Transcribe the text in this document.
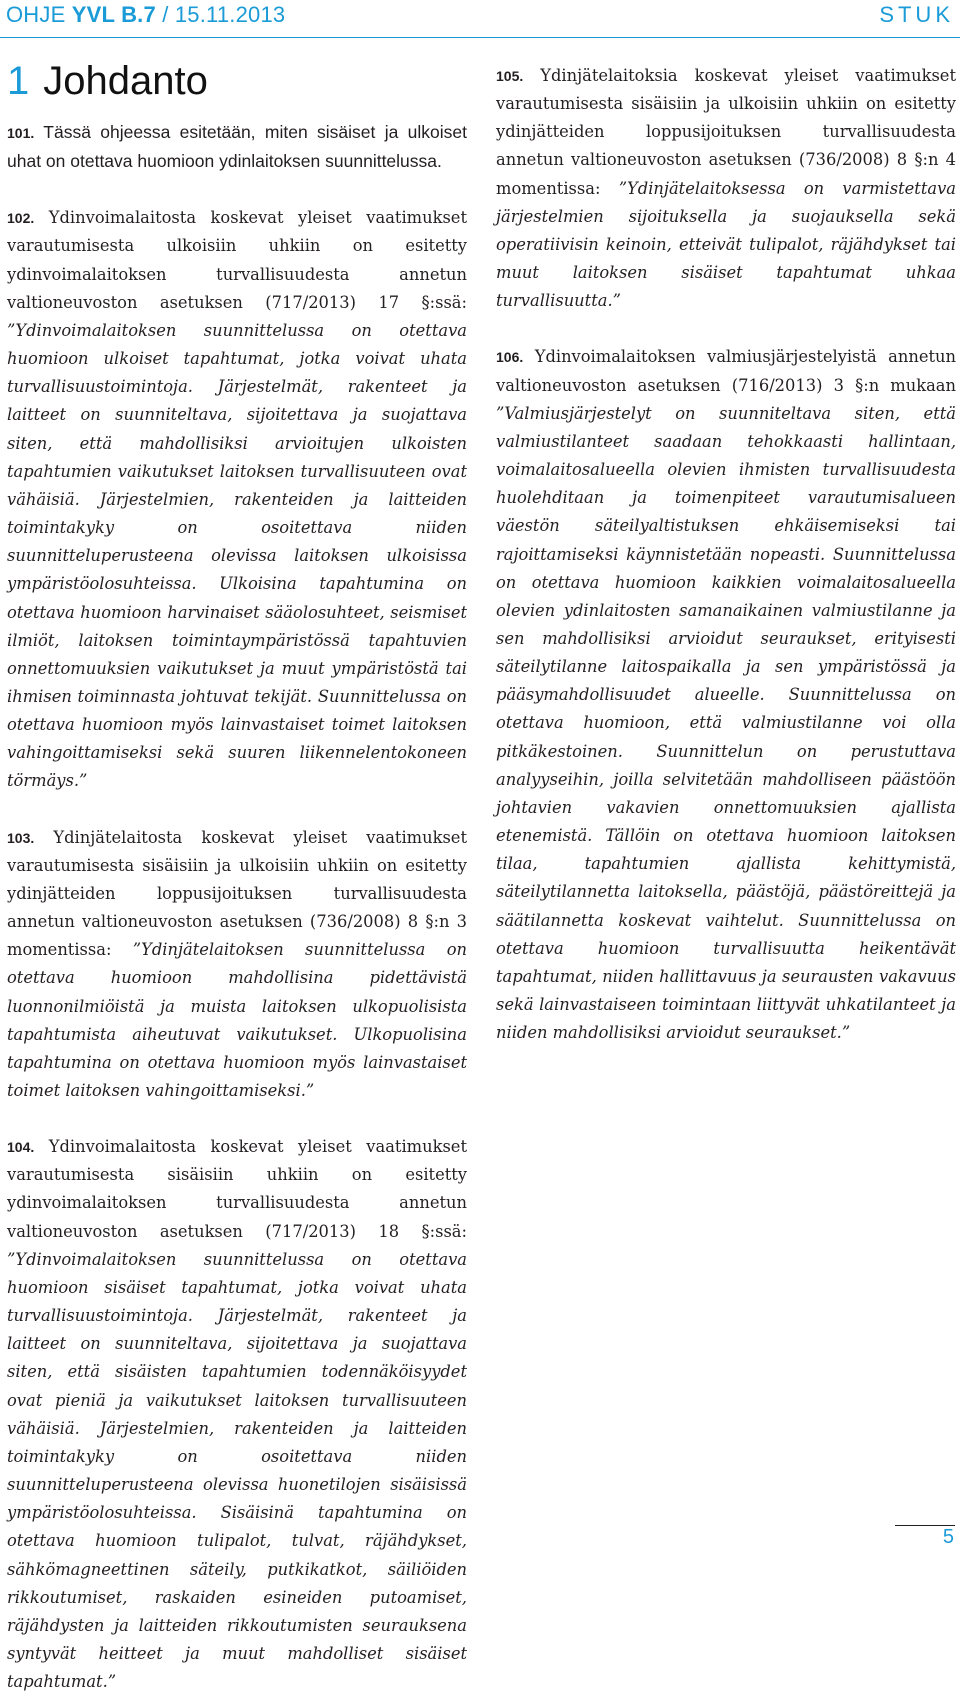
OHJE YVL B.7 / 15.11.2013	STUK
1 Johdanto
101. Tässä ohjeessa esitetään, miten sisäiset ja ulkoiset uhat on otettava huomioon ydinlaitoksen suunnittelussa.
102. Ydinvoimalaitosta koskevat yleiset vaatimukset varautumisesta ulkoisiin uhkiin on esitetty ydinvoimalaitoksen turvallisuudesta annetun valtioneuvoston asetuksen (717/2013) 17 §:ssä: ”Ydinvoimalaitoksen suunnittelussa on otettava huomioon ulkoiset tapahtumat, jotka voivat uhata turvallisuustoimintoja. Järjestelmät, rakenteet ja laitteet on suunniteltava, sijoitettava ja suojattava siten, että mahdollisiksi arvioitujen ulkoisten tapahtumien vaikutukset laitoksen turvallisuuteen ovat vähäisiä. Järjestelmien, rakenteiden ja laitteiden toimintakyky on osoitettava niiden suunnitteluperusteena olevissa laitoksen ulkoisissa ympäristöolosuhteissa. Ulkoisina tapahtumina on otettava huomioon harvinaiset sääolosuhteet, seismiset ilmiöt, laitoksen toimintaympäristössä tapahtuvien onnettomuuksien vaikutukset ja muut ympäristöstä tai ihmisen toiminnasta johtuvat tekijät. Suunnittelussa on otettava huomioon myös lainvastaiset toimet laitoksen vahingoittamiseksi sekä suuren liikennelentokoneen törmäys.”
103. Ydinjätelaitosta koskevat yleiset vaatimukset varautumisesta sisäisiin ja ulkoisiin uhkiin on esitetty ydinjätteiden loppusijoituksen turvallisuudesta annetun valtioneuvoston asetuksen (736/2008) 8 §:n 3 momentissa: ”Ydinjätelaitoksen suunnittelussa on otettava huomioon mahdollisina pidettävistä luonnonilmiöistä ja muista laitoksen ulkopuolisista tapahtumista aiheutuvat vaikutukset. Ulkopuolisina tapahtumina on otettava huomioon myös lainvastaiset toimet laitoksen vahingoittamiseksi.”
104. Ydinvoimalaitosta koskevat yleiset vaatimukset varautumisesta sisäisiin uhkiin on esitetty ydinvoimalaitoksen turvallisuudesta annetun valtioneuvoston asetuksen (717/2013) 18 §:ssä: ”Ydinvoimalaitoksen suunnittelussa on otettava huomioon sisäiset tapahtumat, jotka voivat uhata turvallisuustoimintoja. Järjestelmät, rakenteet ja laitteet on suunniteltava, sijoitettava ja suojattava siten, että sisäisten tapahtumien todennäköisyydet ovat pieniä ja vaikutukset laitoksen turvallisuuteen vähäisiä. Järjestelmien, rakenteiden ja laitteiden toimintakyky on osoitettava niiden suunnitteluperusteena olevissa huonetilojen sisäisissä ympäristöolosuhteissa. Sisäisinä tapahtumina on otettava huomioon tulipalot, tulvat, räjähdykset, sähkömagneettinen säteily, putkikatkot, säiliöiden rikkoutumiset, raskaiden esineiden putoamiset, räjähdysten ja laitteiden rikkoutumisten seurauksena syntyvät heitteet ja muut mahdolliset sisäiset tapahtumat.”
105. Ydinjätelaitoksia koskevat yleiset vaatimukset varautumisesta sisäisiin ja ulkoisiin uhkiin on esitetty ydinjätteiden loppusijoituksen turvallisuudesta annetun valtioneuvoston asetuksen (736/2008) 8 §:n 4 momentissa: ”Ydinjätelaitoksessa on varmistettava järjestelmien sijoituksella ja suojauksella sekä operatiivisin keinoin, etteivät tulipalot, räjähdykset tai muut laitoksen sisäiset tapahtumat uhkaa turvallisuutta.”
106. Ydinvoimalaitoksen valmiusjärjestelyistä annetun valtioneuvoston asetuksen (716/2013) 3 §:n mukaan ”Valmiusjärjestelyt on suunniteltava siten, että valmiustilanteet saadaan tehokkaasti hallintaan, voimalaitosalueella olevien ihmisten turvallisuudesta huolehditaan ja toimenpiteet varautumisalueen väestön säteilyaltistuksen ehkäisemiseksi tai rajoittamiseksi käynnistetään nopeasti. Suunnittelussa on otettava huomioon kaikkien voimalaitosalueella olevien ydinlaitosten samanaikainen valmiustilanne ja sen mahdollisiksi arvioidut seuraukset, erityisesti säteilytilanne laitospaikalla ja sen ympäristössä ja pääsymahdollisuudet alueelle. Suunnittelussa on otettava huomioon, että valmiustilanne voi olla pitkäkestoinen. Suunnittelun on perustuttava analyyseihin, joilla selvitetään mahdolliseen päästöön johtavien vakavien onnettomuuksien ajallista etenemistä. Tällöin on otettava huomioon laitoksen tilaa, tapahtumien ajallista kehittymistä, säteilytilannetta laitoksella, päästöjä, päästöreittejä ja säätilannetta koskevat vaihtelut. Suunnittelussa on otettava huomioon turvallisuutta heikentävät tapahtumat, niiden hallittavuus ja seurausten vakavuus sekä lainvastaiseen toimintaan liittyvät uhkatilanteet ja niiden mahdollisiksi arvioidut seuraukset.”
5
